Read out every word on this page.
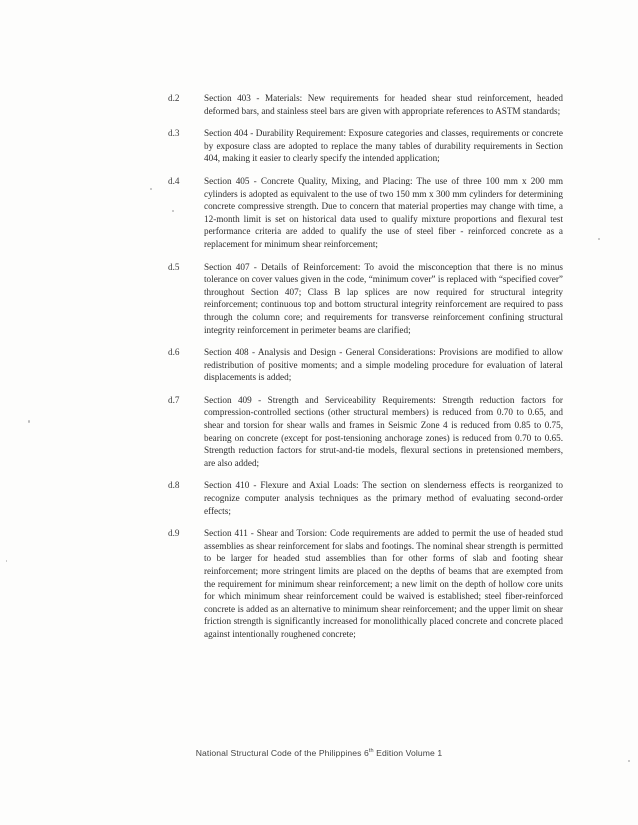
d.2	Section 403 - Materials: New requirements for headed shear stud reinforcement, headed deformed bars, and stainless steel bars are given with appropriate references to ASTM standards;
d.3	Section 404 - Durability Requirement: Exposure categories and classes, requirements or concrete by exposure class are adopted to replace the many tables of durability requirements in Section 404, making it easier to clearly specify the intended application;
d.4	Section 405 - Concrete Quality, Mixing, and Placing: The use of three 100 mm x 200 mm cylinders is adopted as equivalent to the use of two 150 mm x 300 mm cylinders for determining concrete compressive strength. Due to concern that material properties may change with time, a 12-month limit is set on historical data used to qualify mixture proportions and flexural test performance criteria are added to qualify the use of steel fiber - reinforced concrete as a replacement for minimum shear reinforcement;
d.5	Section 407 - Details of Reinforcement: To avoid the misconception that there is no minus tolerance on cover values given in the code, “minimum cover” is replaced with “specified cover” throughout Section 407; Class B lap splices are now required for structural integrity reinforcement; continuous top and bottom structural integrity reinforcement are required to pass through the column core; and requirements for transverse reinforcement confining structural integrity reinforcement in perimeter beams are clarified;
d.6	Section 408 - Analysis and Design - General Considerations: Provisions are modified to allow redistribution of positive moments; and a simple modeling procedure for evaluation of lateral displacements is added;
d.7	Section 409 - Strength and Serviceability Requirements: Strength reduction factors for compression-controlled sections (other structural members) is reduced from 0.70 to 0.65, and shear and torsion for shear walls and frames in Seismic Zone 4 is reduced from 0.85 to 0.75, bearing on concrete (except for post-tensioning anchorage zones) is reduced from 0.70 to 0.65. Strength reduction factors for strut-and-tie models, flexural sections in pretensioned members, are also added;
d.8	Section 410 - Flexure and Axial Loads: The section on slenderness effects is reorganized to recognize computer analysis techniques as the primary method of evaluating second-order effects;
d.9	Section 411 - Shear and Torsion: Code requirements are added to permit the use of headed stud assemblies as shear reinforcement for slabs and footings. The nominal shear strength is permitted to be larger for headed stud assemblies than for other forms of slab and footing shear reinforcement; more stringent limits are placed on the depths of beams that are exempted from the requirement for minimum shear reinforcement; a new limit on the depth of hollow core units for which minimum shear reinforcement could be waived is established; steel fiber-reinforced concrete is added as an alternative to minimum shear reinforcement; and the upper limit on shear friction strength is significantly increased for monolithically placed concrete and concrete placed against intentionally roughened concrete;
National Structural Code of the Philippines 6th Edition Volume 1
